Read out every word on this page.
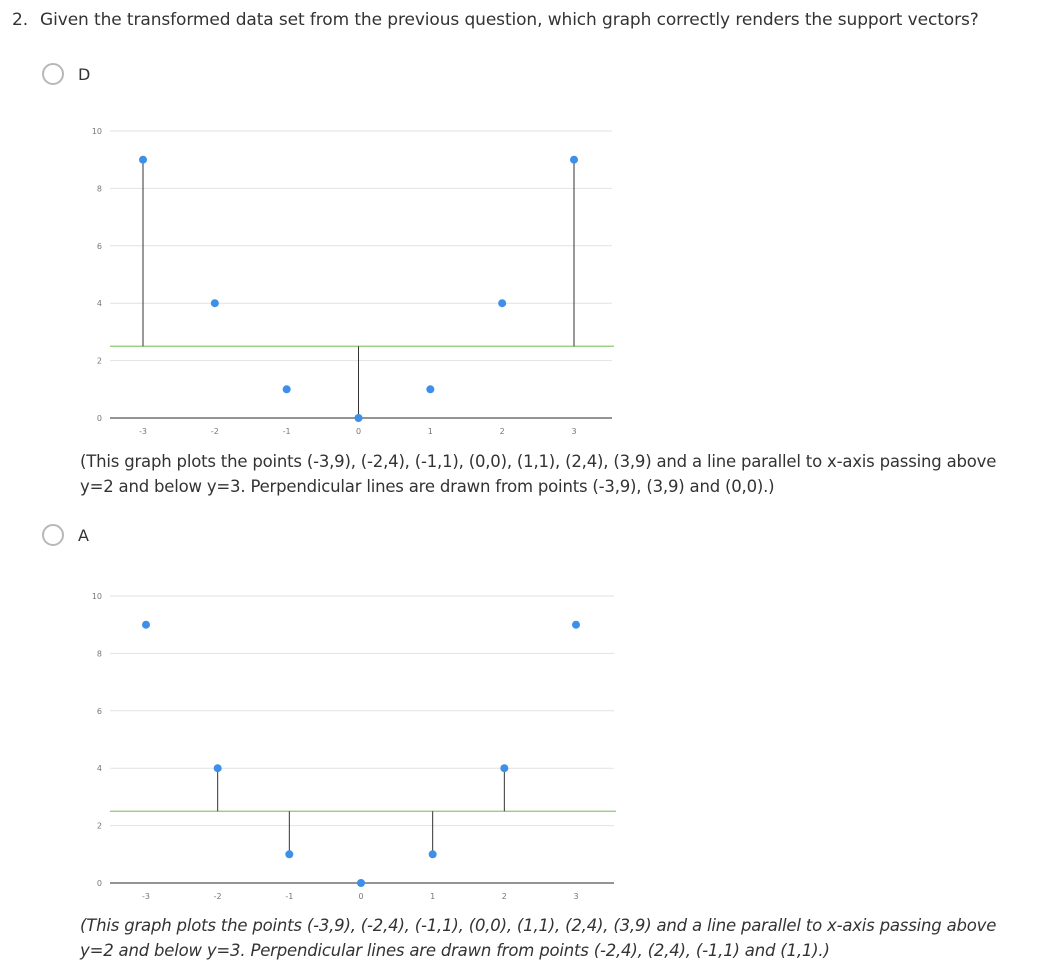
2. Given the transformed data set from the previous question, which graph correctly renders the support vectors?
D
0
2
4
6
8
10
-3	-2	-1	0	1	2	3
(This graph plots the points (-3,9), (-2,4), (-1,1), (0,0), (1,1), (2,4), (3,9) and a line parallel to x-axis passing above y=2 and below y=3. Perpendicular lines are drawn from points (-3,9), (3,9) and (0,0).)
A
0
2
4
6
8
10
-3	-2	-1	0	1	2	3
(This graph plots the points (-3,9), (-2,4), (-1,1), (0,0), (1,1), (2,4), (3,9) and a line parallel to x-axis passing above y=2 and below y=3. Perpendicular lines are drawn from points (-2,4), (2,4), (-1,1) and (1,1).)
